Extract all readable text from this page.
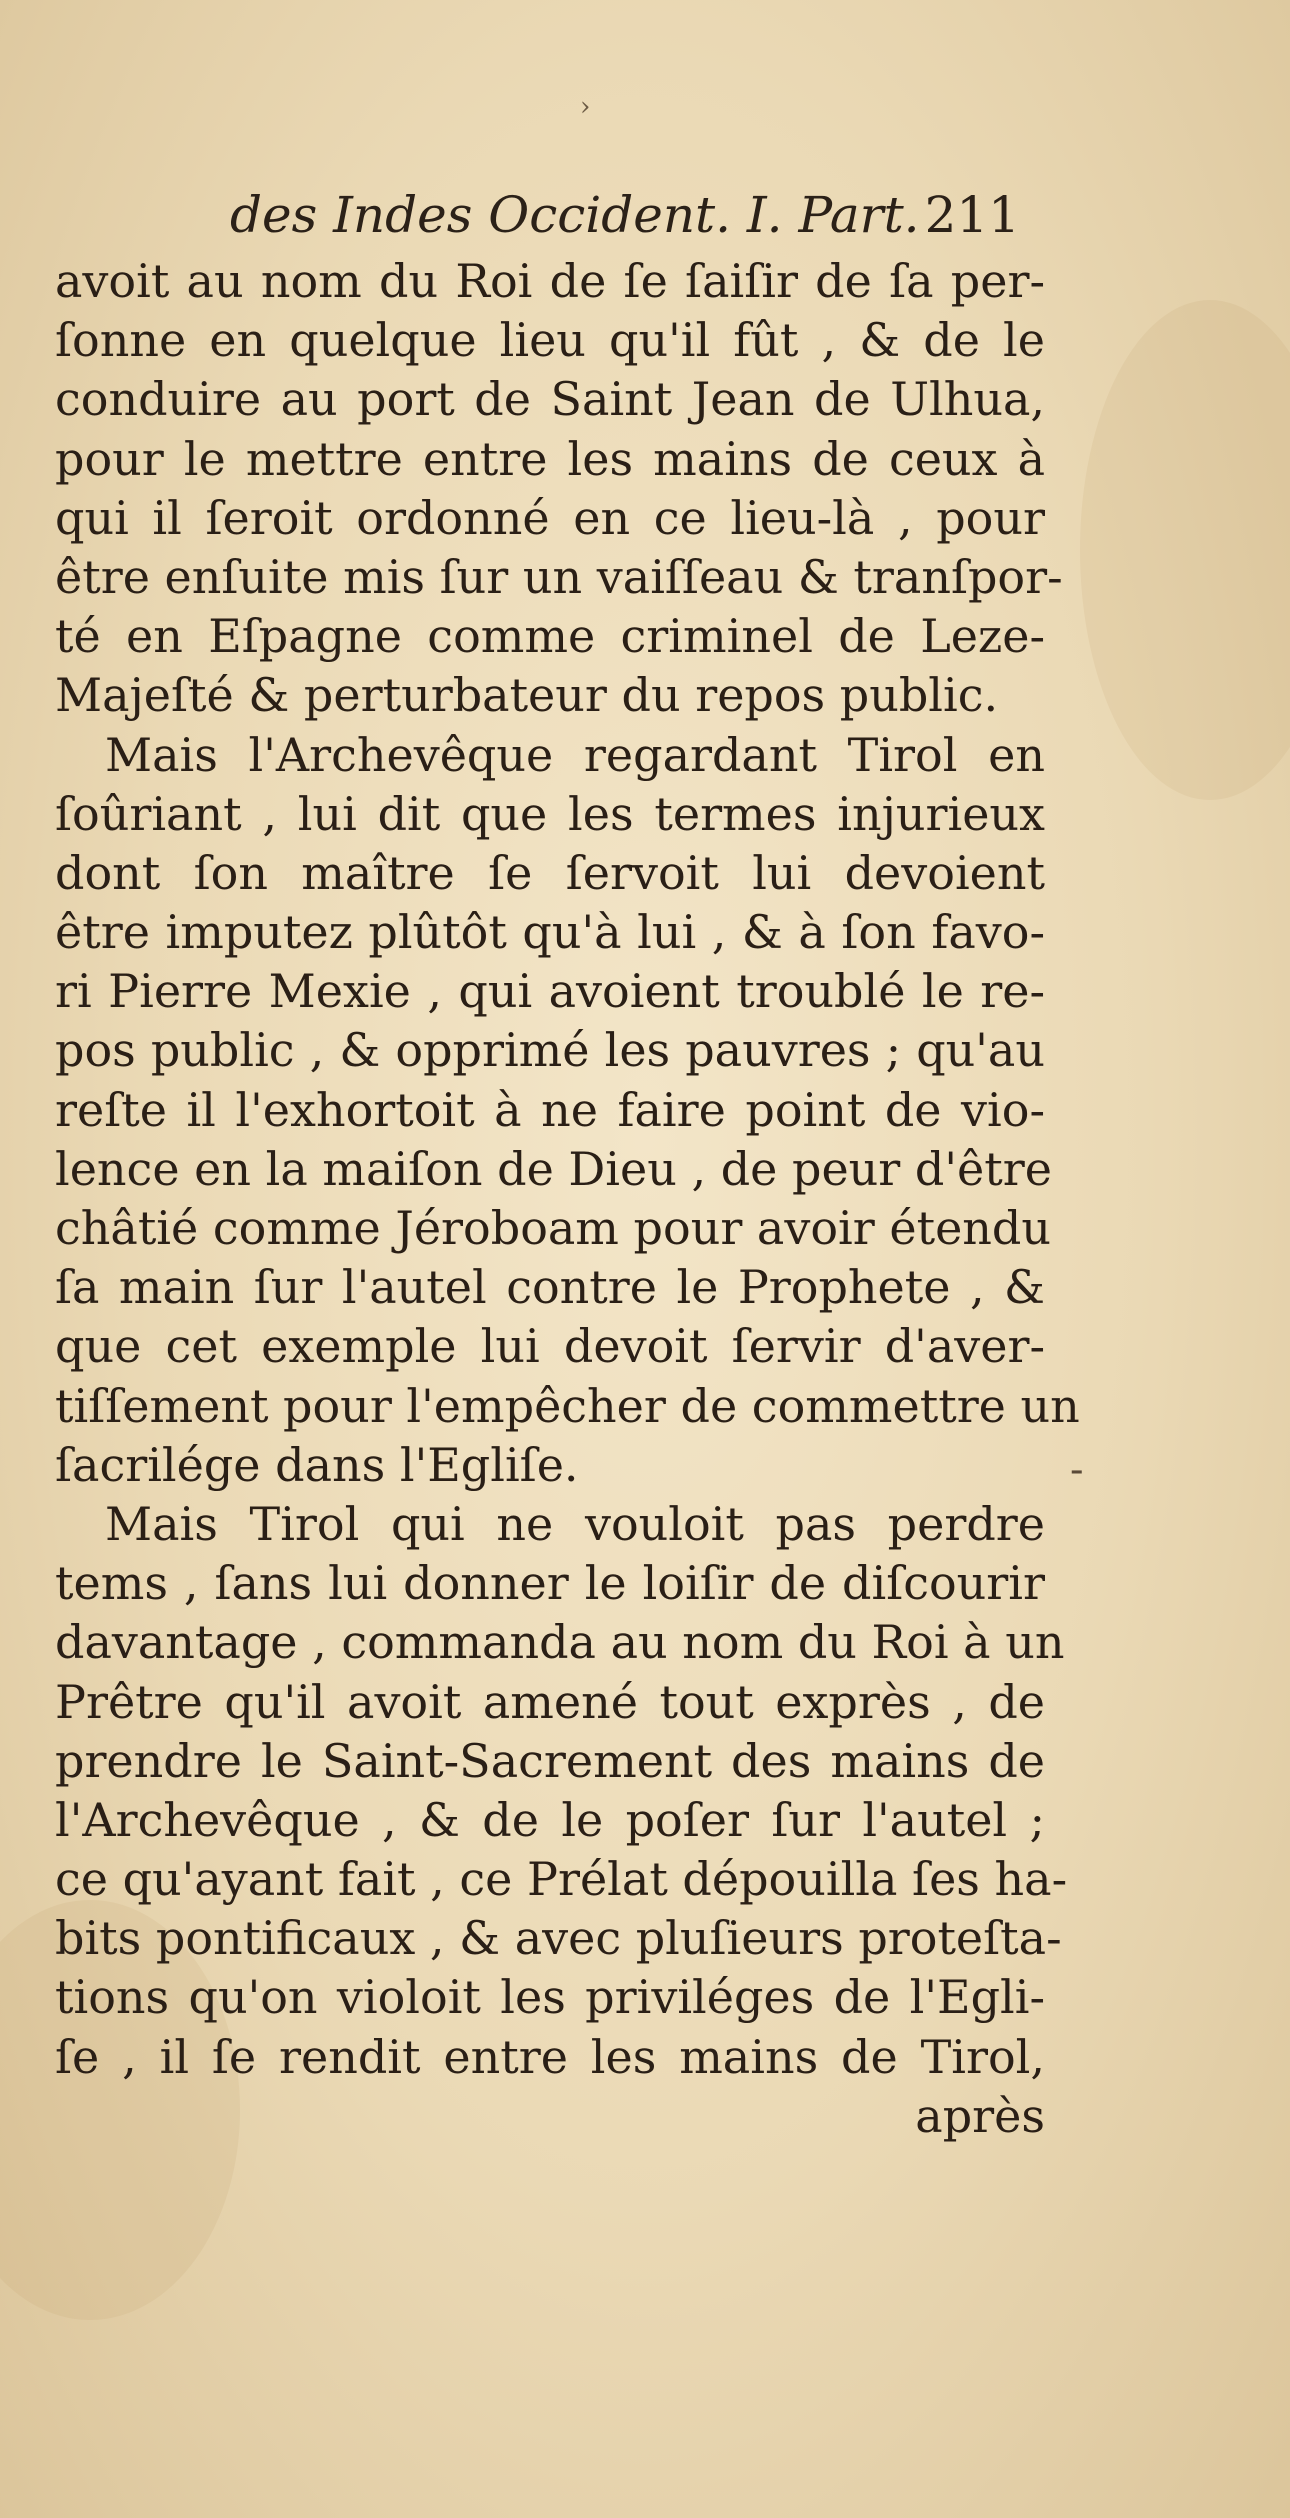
›
des Indes Occident. I. Part. 211
avoit au nom du Roi de ſe ſaiſir de ſa per-
ſonne en quelque lieu qu'il fût , & de le
conduire au port de Saint Jean de Ulhua,
pour le mettre entre les mains de ceux à
qui il ſeroit ordonné en ce lieu-là , pour
être enſuite mis ſur un vaiſſeau & tranſpor-
té en Eſpagne comme criminel de Leze-
Majeſté & perturbateur du repos public.
Mais l'Archevêque regardant Tirol en
ſoûriant , lui dit que les termes injurieux
dont ſon maître ſe ſervoit lui devoient
être imputez plûtôt qu'à lui , & à ſon favo-
ri Pierre Mexie , qui avoient troublé le re-
pos public , & opprimé les pauvres ; qu'au
reſte il l'exhortoit à ne faire point de vio-
lence en la maiſon de Dieu , de peur d'être
châtié comme Jéroboam pour avoir étendu
ſa main ſur l'autel contre le Prophete , &
que cet exemple lui devoit ſervir d'aver-
tiſſement pour l'empêcher de commettre un
ſacrilége dans l'Egliſe.
Mais Tirol qui ne vouloit pas perdre
tems , ſans lui donner le loiſir de diſcourir
davantage , commanda au nom du Roi à un
Prêtre qu'il avoit amené tout exprès , de
prendre le Saint-Sacrement des mains de
l'Archevêque , & de le poſer ſur l'autel ;
ce qu'ayant fait , ce Prélat dépouilla ſes ha-
bits pontificaux , & avec pluſieurs proteſta-
tions qu'on violoit les priviléges de l'Egli-
ſe , il ſe rendit entre les mains de Tirol,
après
-
